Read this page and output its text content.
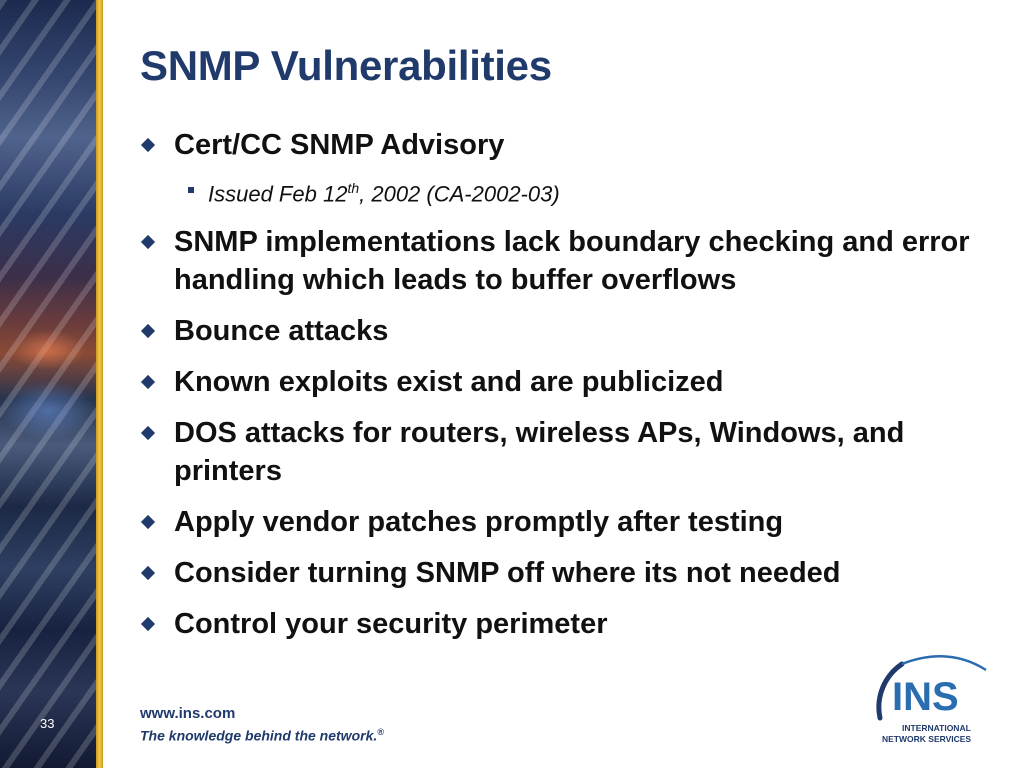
33
SNMP Vulnerabilities
Cert/CC SNMP Advisory
Issued Feb 12th, 2002 (CA-2002-03)
SNMP implementations lack boundary checking and error handling which leads to buffer overflows
Bounce attacks
Known exploits exist and are publicized
DOS attacks for routers, wireless APs, Windows, and printers
Apply vendor patches promptly after testing
Consider turning SNMP off where its not needed
Control your security perimeter
www.ins.com
The knowledge behind the network.®
INS
INTERNATIONAL
NETWORK SERVICES
